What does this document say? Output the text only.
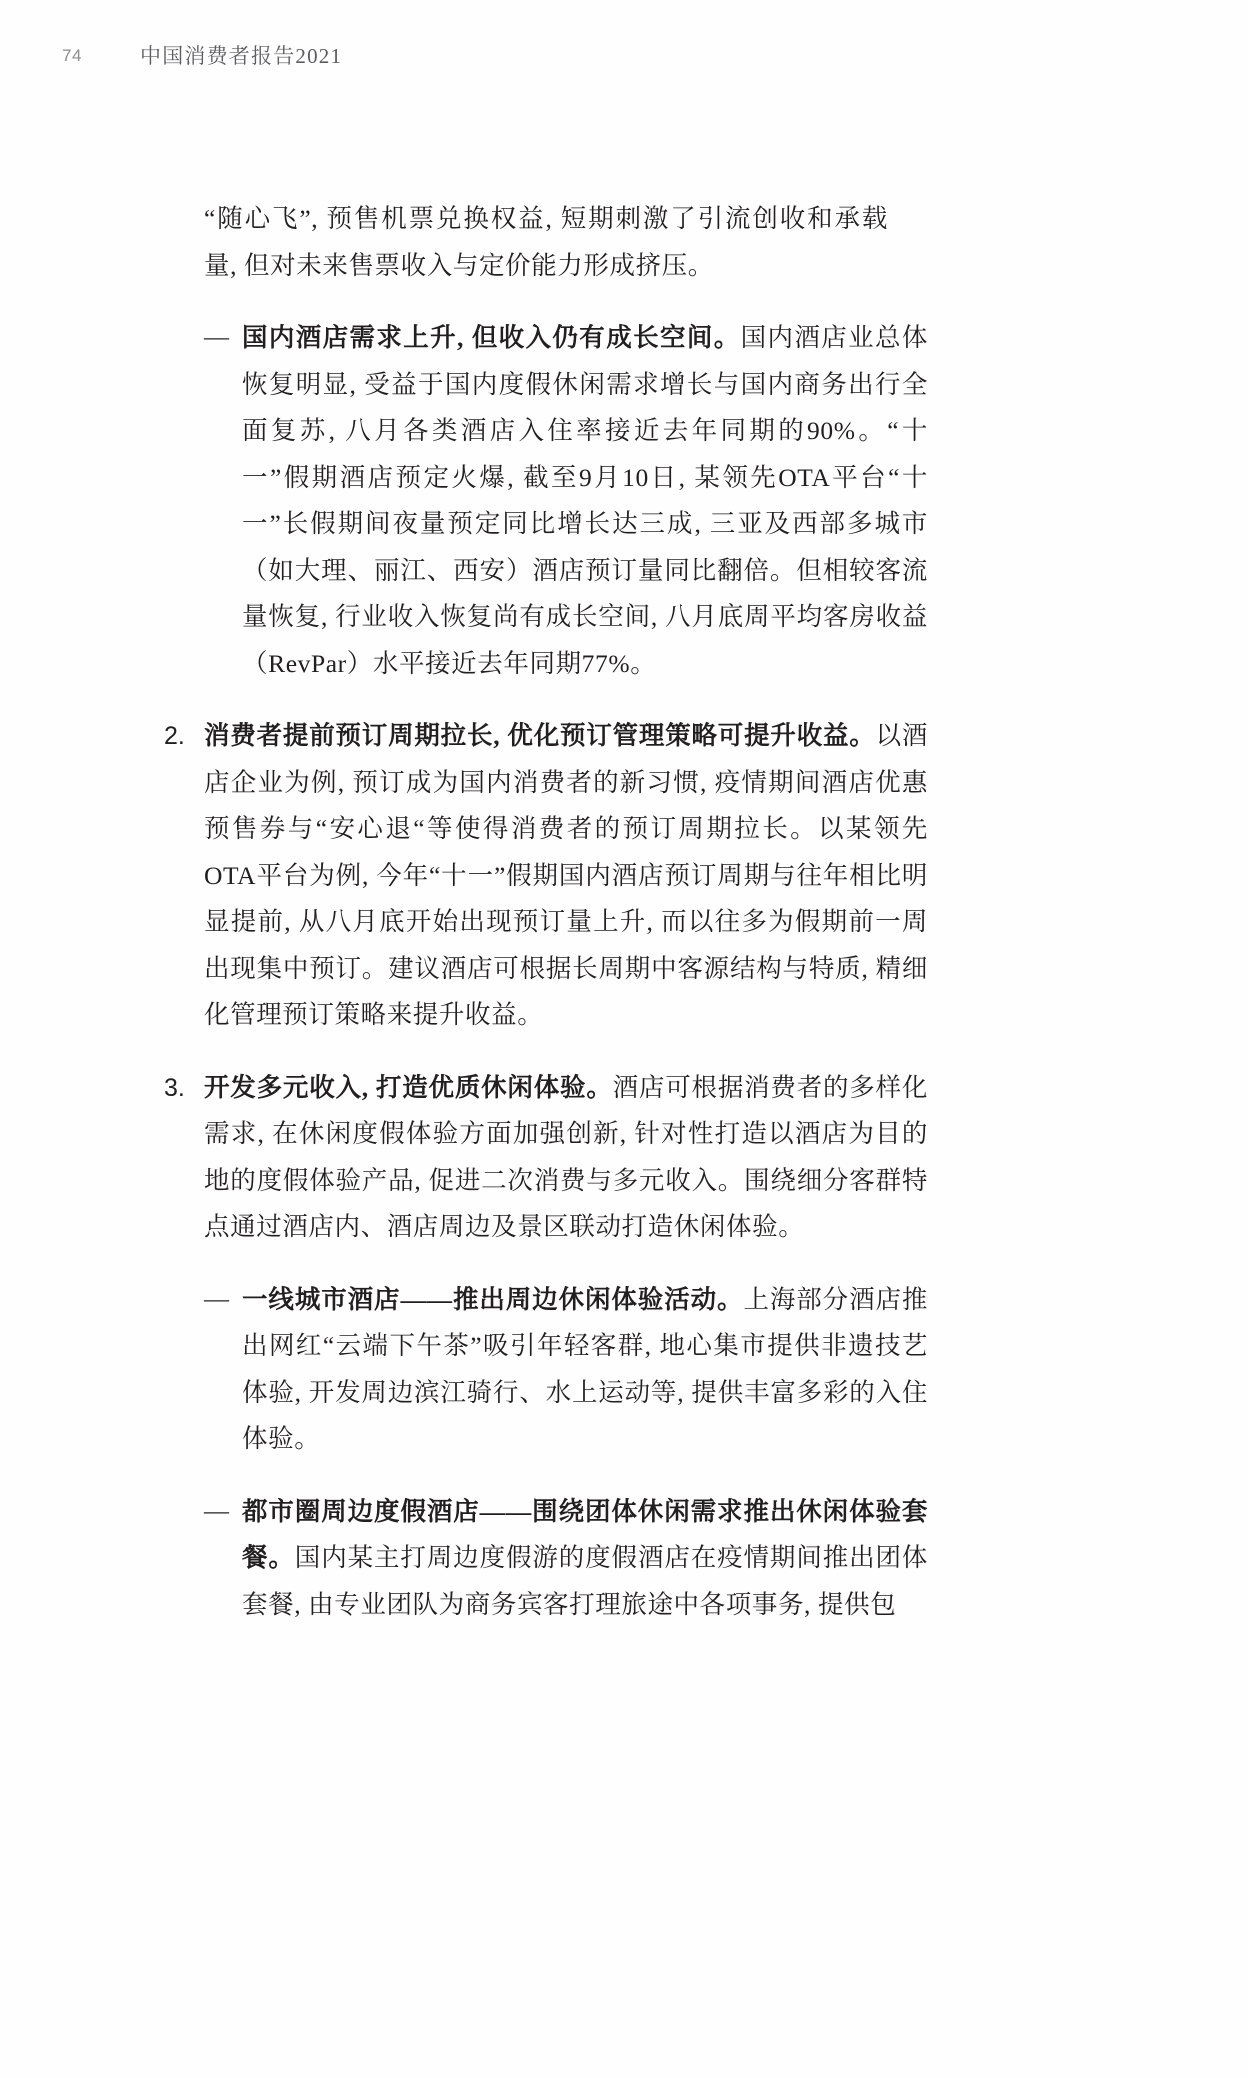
74	中国消费者报告2021
“随心飞”, 预售机票兑换权益, 短期刺激了引流创收和承载量, 但对未来售票收入与定价能力形成挤压。
— 国内酒店需求上升, 但收入仍有成长空间。国内酒店业总体恢复明显, 受益于国内度假休闲需求增长与国内商务出行全面复苏, 八月各类酒店入住率接近去年同期的90%。“十一”假期酒店预定火爆, 截至9月10日, 某领先OTA平台“十一”长假期间夜量预定同比增长达三成, 三亚及西部多城市（如大理、丽江、西安）酒店预订量同比翻倍。但相较客流量恢复, 行业收入恢复尚有成长空间, 八月底周平均客房收益（RevPar）水平接近去年同期77%。
2. 消费者提前预订周期拉长, 优化预订管理策略可提升收益。以酒店企业为例, 预订成为国内消费者的新习惯, 疫情期间酒店优惠预售券与“安心退“等使得消费者的预订周期拉长。以某领先OTA平台为例, 今年“十一”假期国内酒店预订周期与往年相比明显提前, 从八月底开始出现预订量上升, 而以往多为假期前一周出现集中预订。建议酒店可根据长周期中客源结构与特质, 精细化管理预订策略来提升收益。
3. 开发多元收入, 打造优质休闲体验。酒店可根据消费者的多样化需求, 在休闲度假体验方面加强创新, 针对性打造以酒店为目的地的度假体验产品, 促进二次消费与多元收入。围绕细分客群特点通过酒店内、酒店周边及景区联动打造休闲体验。
— 一线城市酒店——推出周边休闲体验活动。上海部分酒店推出网红“云端下午茶”吸引年轻客群, 地心集市提供非遗技艺体验, 开发周边滨江骑行、水上运动等, 提供丰富多彩的入住体验。
— 都市圈周边度假酒店——围绕团体休闲需求推出休闲体验套餐。国内某主打周边度假游的度假酒店在疫情期间推出团体套餐, 由专业团队为商务宾客打理旅途中各项事务, 提供包
